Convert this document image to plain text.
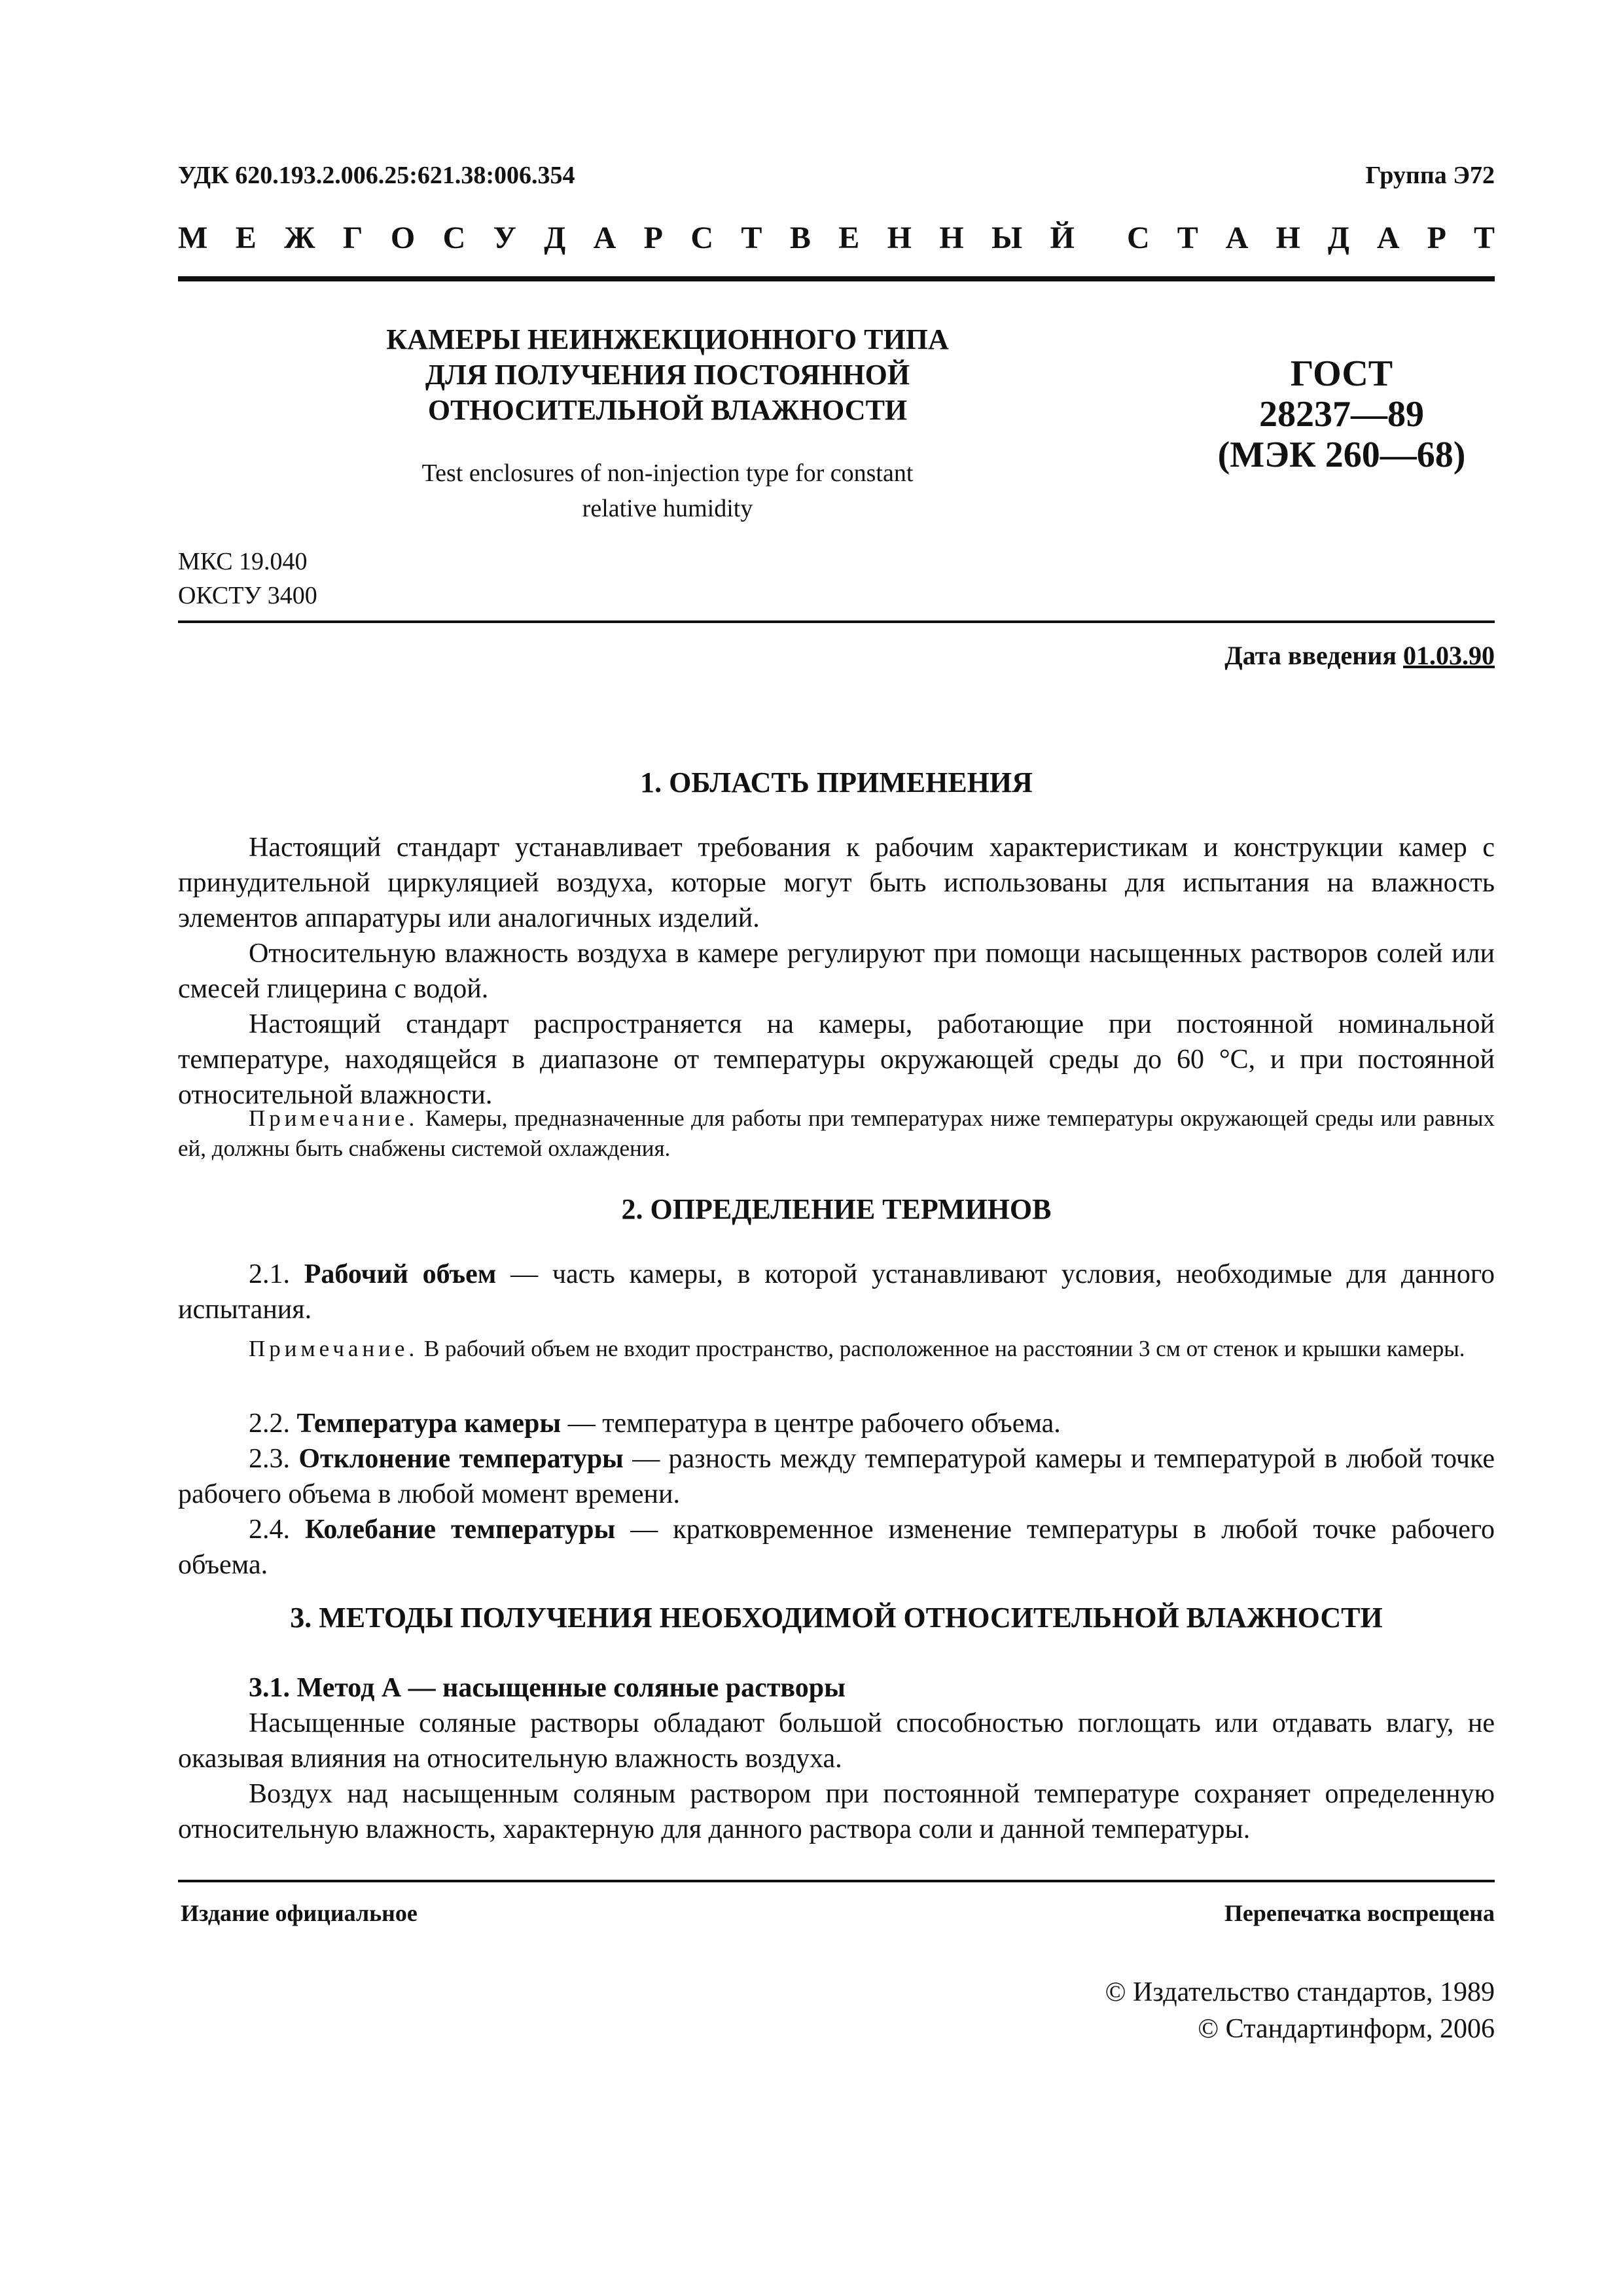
УДК 620.193.2.006.25:621.38:006.354	Группа Э72
М Е Ж Г О С У Д А Р С Т В Е Н Н Ы Й С Т А Н Д А Р Т
КАМЕРЫ НЕИНЖЕКЦИОННОГО ТИПА
ДЛЯ ПОЛУЧЕНИЯ ПОСТОЯННОЙ
ОТНОСИТЕЛЬНОЙ ВЛАЖНОСТИ
Test enclosures of non-injection type for constant
relative humidity
ГОСТ
28237—89
(МЭК 260—68)
МКС 19.040
ОКСТУ 3400
Дата введения 01.03.90
1. ОБЛАСТЬ ПРИМЕНЕНИЯ

Настоящий стандарт устанавливает требования к рабочим характеристикам и конструкции камер с принудительной циркуляцией воздуха, которые могут быть использованы для испытания на влажность элементов аппаратуры или аналогичных изделий.

Относительную влажность воздуха в камере регулируют при помощи насыщенных растворов солей или смесей глицерина с водой.

Настоящий стандарт распространяется на камеры, работающие при постоянной номинальной температуре, находящейся в диапазоне от температуры окружающей среды до 60 °С, и при постоянной относительной влажности.

Примечание. Камеры, предназначенные для работы при температурах ниже температуры окружающей среды или равных ей, должны быть снабжены системой охлаждения.

2. ОПРЕДЕЛЕНИЕ ТЕРМИНОВ

2.1. Рабочий объем — часть камеры, в которой устанавливают условия, необходимые для данного испытания.

Примечание. В рабочий объем не входит пространство, расположенное на расстоянии 3 см от стенок и крышки камеры.

2.2. Температура камеры — температура в центре рабочего объема.

2.3. Отклонение температуры — разность между температурой камеры и температурой в любой точке рабочего объема в любой момент времени.

2.4. Колебание температуры — кратковременное изменение температуры в любой точке рабочего объема.

3. МЕТОДЫ ПОЛУЧЕНИЯ НЕОБХОДИМОЙ ОТНОСИТЕЛЬНОЙ ВЛАЖНОСТИ

3.1. Метод А — насыщенные соляные растворы

Насыщенные соляные растворы обладают большой способностью поглощать или отдавать влагу, не оказывая влияния на относительную влажность воздуха.

Воздух над насыщенным соляным раствором при постоянной температуре сохраняет определенную относительную влажность, характерную для данного раствора соли и данной температуры.

Издание официальное	Перепечатка воспрещена
© Издательство стандартов, 1989
© Стандартинформ, 2006
